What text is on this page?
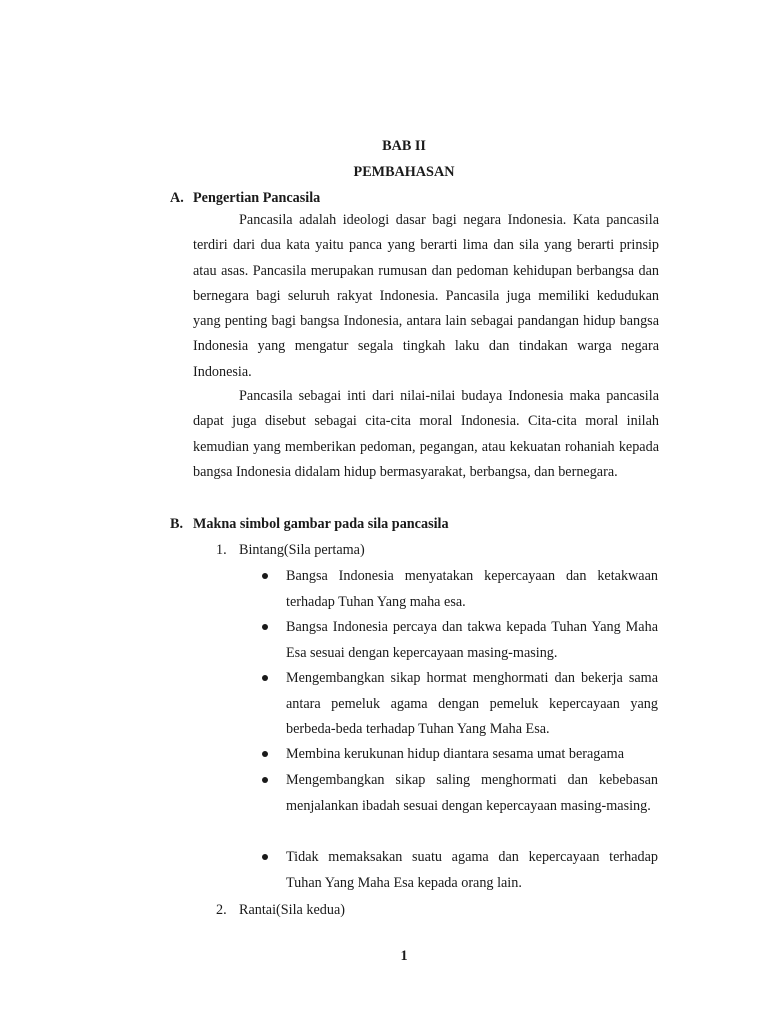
BAB II
PEMBAHASAN
A. Pengertian Pancasila

Pancasila adalah ideologi dasar bagi negara Indonesia. Kata pancasila terdiri dari dua kata yaitu panca yang berarti lima dan sila yang berarti prinsip atau asas. Pancasila merupakan rumusan dan pedoman kehidupan berbangsa dan bernegara bagi seluruh rakyat Indonesia. Pancasila juga memiliki kedudukan yang penting bagi bangsa Indonesia, antara lain sebagai pandangan hidup bangsa Indonesia yang mengatur segala tingkah laku dan tindakan warga negara Indonesia.

Pancasila sebagai inti dari nilai-nilai budaya Indonesia maka pancasila dapat juga disebut sebagai cita-cita moral Indonesia. Cita-cita moral inilah kemudian yang memberikan pedoman, pegangan, atau kekuatan rohaniah kepada bangsa Indonesia didalam hidup bermasyarakat, berbangsa, dan bernegara.

B. Makna simbol gambar pada sila pancasila
1. Bintang(Sila pertama)
Bangsa Indonesia menyatakan kepercayaan dan ketakwaan terhadap Tuhan Yang maha esa.
Bangsa Indonesia percaya dan takwa kepada Tuhan Yang Maha Esa sesuai dengan kepercayaan masing-masing.
Mengembangkan sikap hormat menghormati dan bekerja sama antara pemeluk agama dengan pemeluk kepercayaan yang berbeda-beda terhadap Tuhan Yang Maha Esa.
Membina kerukunan hidup diantara sesama umat beragama
Mengembangkan sikap saling menghormati dan kebebasan menjalankan ibadah sesuai dengan kepercayaan masing-masing.
Tidak memaksakan suatu agama dan kepercayaan terhadap Tuhan Yang Maha Esa kepada orang lain.
2. Rantai(Sila kedua)
1
